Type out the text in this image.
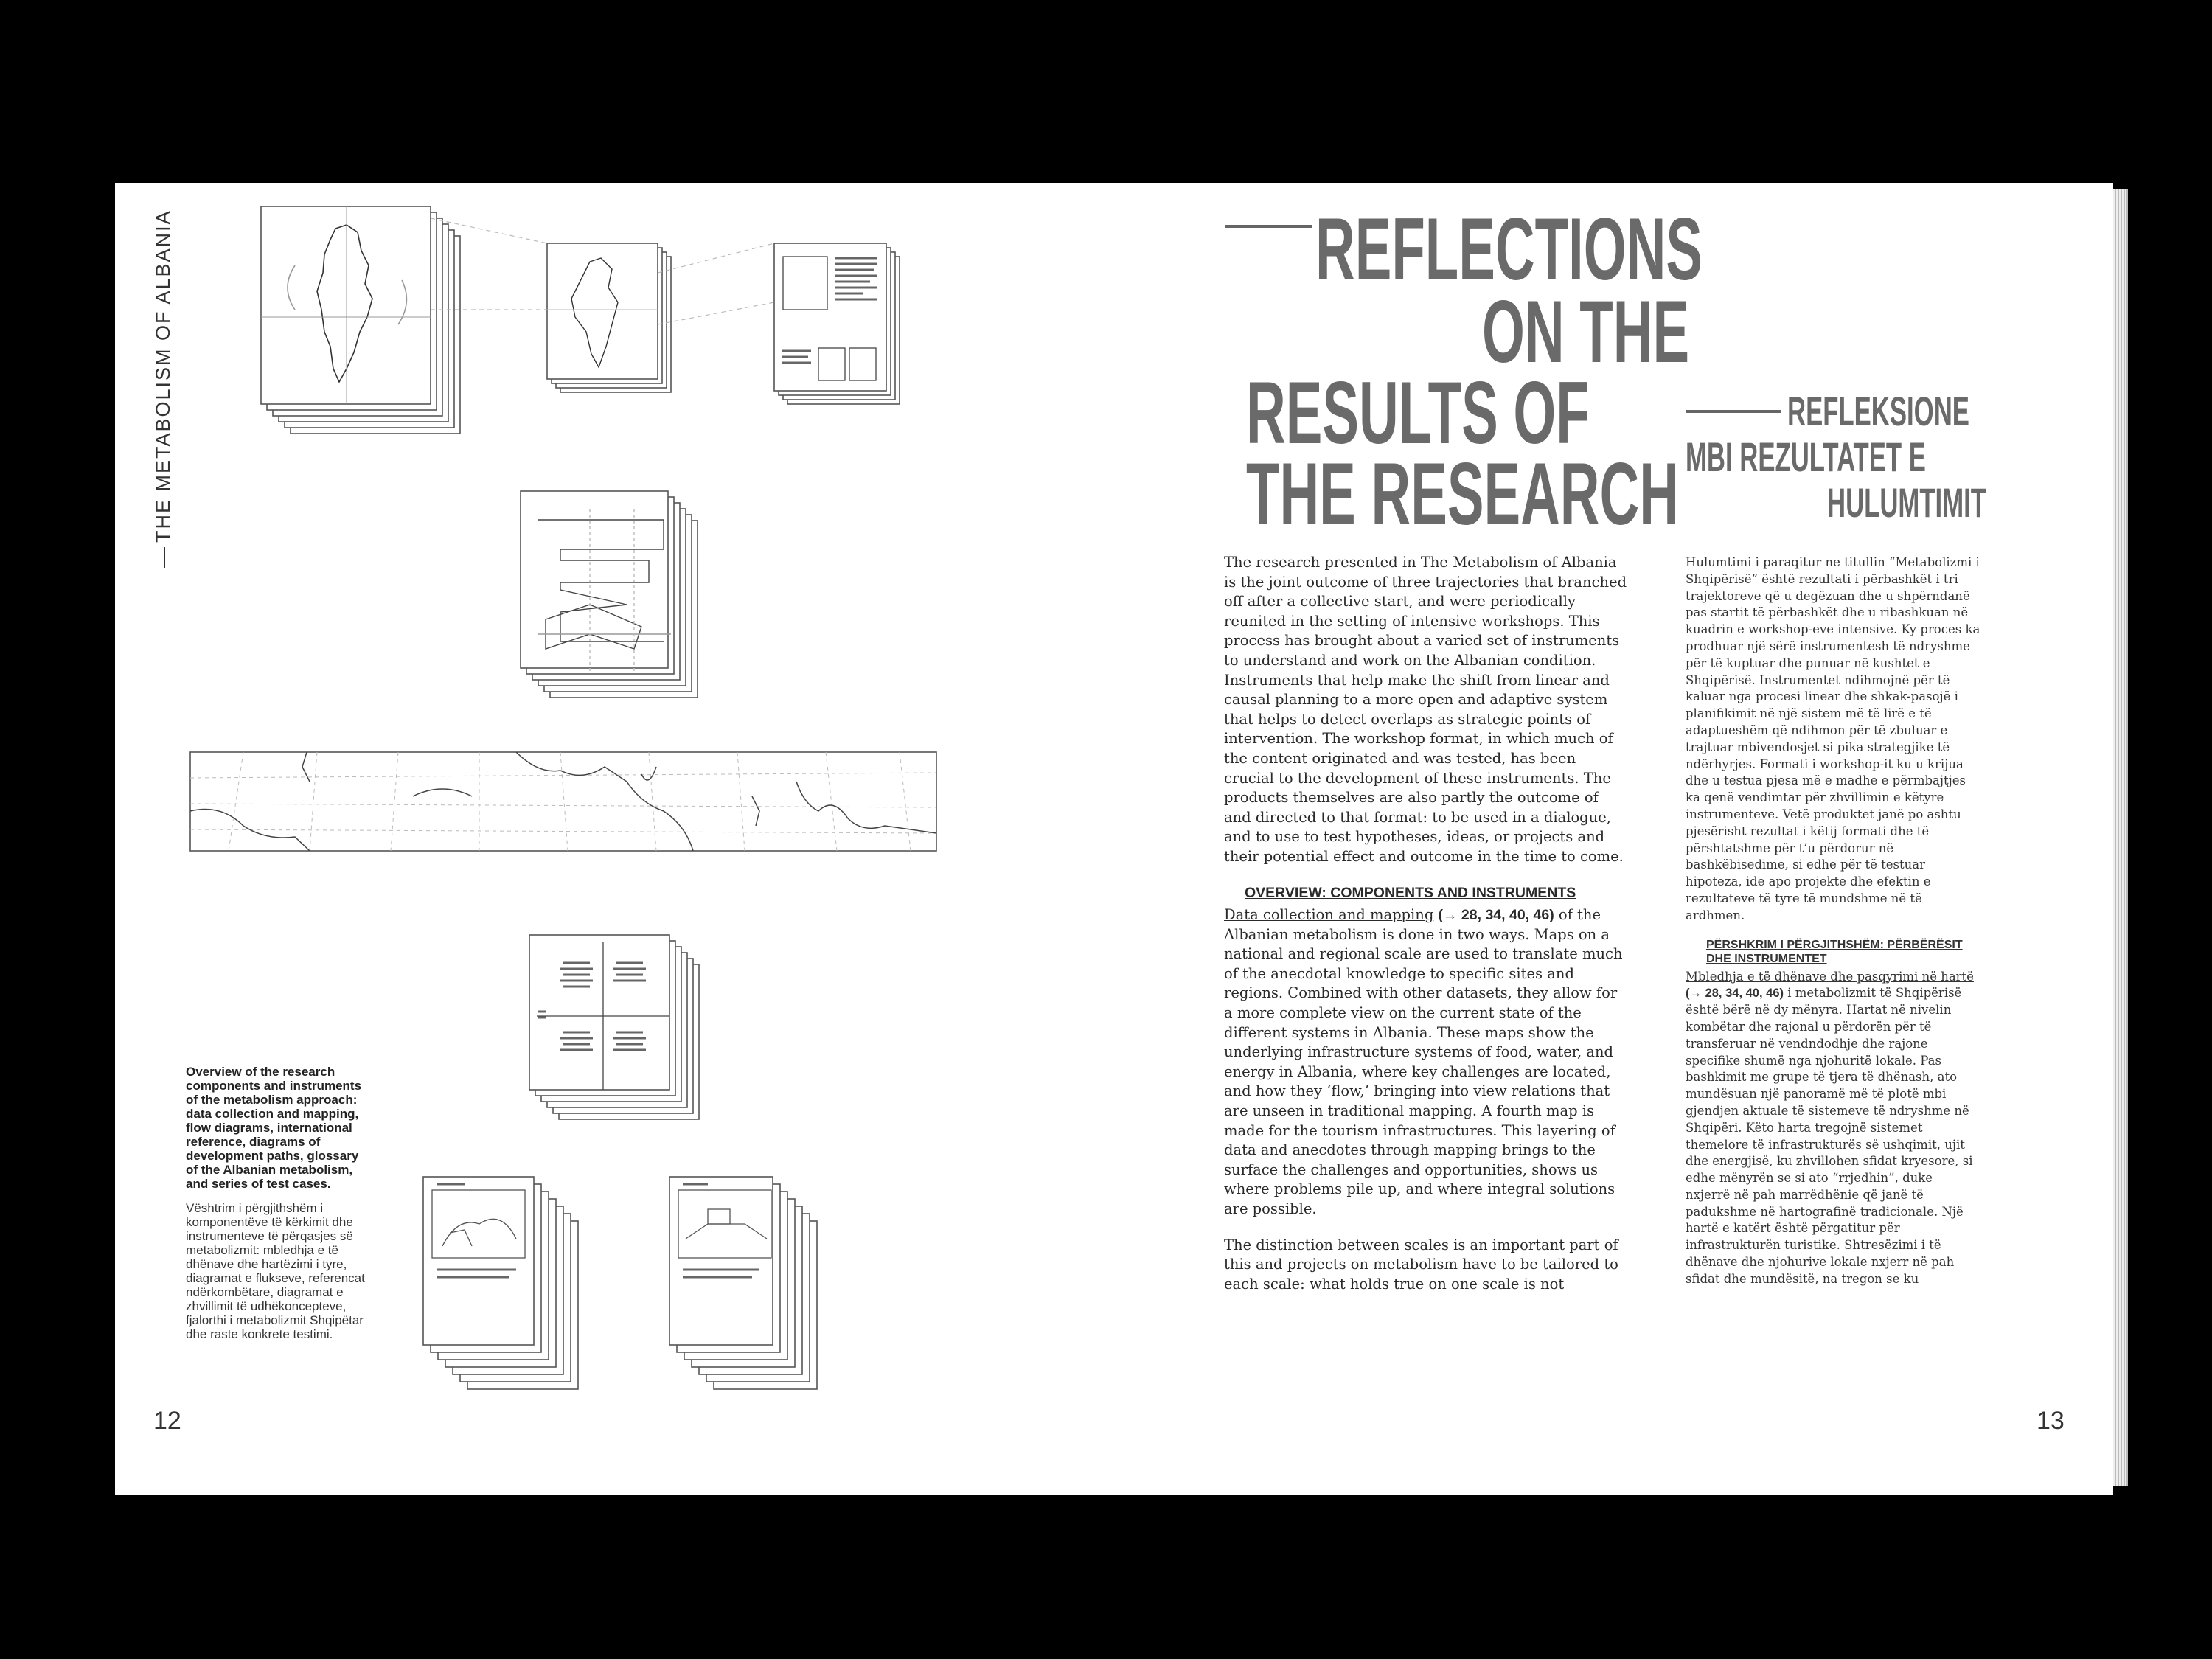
THE METABOLISM OF ALBANIA
Overview of the research components and instruments of the metabolism approach: data collection and mapping, flow diagrams, international reference, diagrams of development paths, glossary of the Albanian metabolism, and series of test cases.
Vështrim i përgjithshëm i komponentëve të kërkimit dhe instrumenteve të përqasjes së metabolizmit: mbledhja e të dhënave dhe hartëzimi i tyre, diagramat e flukseve, referencat ndërkombëtare, diagramat e zhvillimit të udhëkoncepteve, fjalorthi i metabolizmit Shqipëtar dhe raste konkrete testimi.
12
REFLECTIONS
ON THE
RESULTS OF
THE RESEARCH
REFLEKSIONE
MBI REZULTATET E
HULUMTIMIT

The research presented in The Metabolism of Albania is the joint outcome of three trajectories that branched off after a collective start, and were periodically reunited in the setting of intensive workshops. This process has brought about a varied set of instruments to understand and work on the Albanian condition. Instruments that help make the shift from linear and causal planning to a more open and adaptive system that helps to detect overlaps as strategic points of intervention. The workshop format, in which much of the content originated and was tested, has been crucial to the development of these instruments. The products themselves are also partly the outcome of and directed to that format: to be used in a dialogue, and to use to test hypotheses, ideas, or projects and their potential effect and outcome in the time to come.

OVERVIEW: COMPONENTS AND INSTRUMENTS

Data collection and mapping (→ 28, 34, 40, 46) of the Albanian metabolism is done in two ways. Maps on a national and regional scale are used to translate much of the anecdotal knowledge to specific sites and regions. Combined with other datasets, they allow for a more complete view on the current state of the different systems in Albania. These maps show the underlying infrastructure systems of food, water, and energy in Albania, where key challenges are located, and how they ‘flow,’ bringing into view relations that are unseen in traditional mapping. A fourth map is made for the tourism infrastructures. This layering of data and anecdotes through mapping brings to the surface the challenges and opportunities, shows us where problems pile up, and where integral solutions are possible.

The distinction between scales is an important part of this and projects on metabolism have to be tailored to each scale: what holds true on one scale is not

Hulumtimi i paraqitur ne titullin “Metabolizmi i Shqipërisë” është rezultati i përbashkët i tri trajektoreve që u degëzuan dhe u shpërndanë pas startit të përbashkët dhe u ribashkuan në kuadrin e workshop-eve intensive. Ky proces ka prodhuar një sërë instrumentesh të ndryshme për të kuptuar dhe punuar në kushtet e Shqipërisë. Instrumentet ndihmojnë për të kaluar nga procesi linear dhe shkak-pasojë i planifikimit në një sistem më të lirë e të adaptueshëm që ndihmon për të zbuluar e trajtuar mbivendosjet si pika strategjike të ndërhyrjes. Formati i workshop-it ku u krijua dhe u testua pjesa më e madhe e përmbajtjes ka qenë vendimtar për zhvillimin e këtyre instrumenteve. Vetë produktet janë po ashtu pjesërisht rezultat i këtij formati dhe të përshtatshme për t’u përdorur në bashkëbisedime, si edhe për të testuar hipoteza, ide apo projekte dhe efektin e rezultateve të tyre të mundshme në të ardhmen.

PËRSHKRIM I PËRGJITHSHËM: PËRBËRËSIT DHE INSTRUMENTET

Mbledhja e të dhënave dhe pasqyrimi në hartë (→ 28, 34, 40, 46) i metabolizmit të Shqipërisë është bërë në dy mënyra. Hartat në nivelin kombëtar dhe rajonal u përdorën për të transferuar në vendndodhje dhe rajone specifike shumë nga njohuritë lokale. Pas bashkimit me grupe të tjera të dhënash, ato mundësuan një panoramë më të plotë mbi gjendjen aktuale të sistemeve të ndryshme në Shqipëri. Këto harta tregojnë sistemet themelore të infrastrukturës së ushqimit, ujit dhe energjisë, ku zhvillohen sfidat kryesore, si edhe mënyrën se si ato “rrjedhin”, duke nxjerrë në pah marrëdhënie që janë të padukshme në hartografinë tradicionale. Një hartë e katërt është përgatitur për infrastrukturën turistike. Shtresëzimi i të dhënave dhe njohurive lokale nxjerr në pah sfidat dhe mundësitë, na tregon se ku

13
